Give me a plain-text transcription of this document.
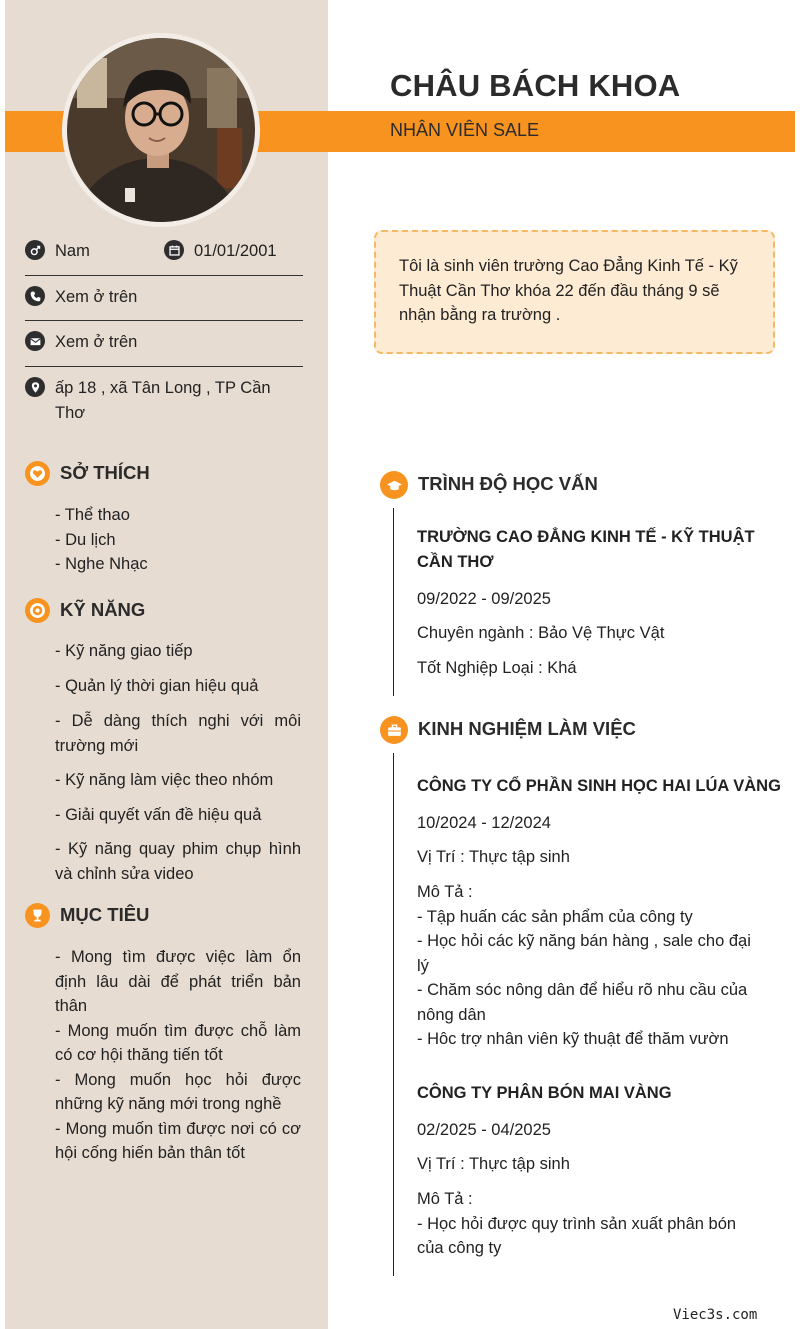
CHÂU BÁCH KHOA
NHÂN VIÊN SALE
Nam	01/01/2001
Xem ở trên
Xem ở trên
ấp 18 , xã Tân Long , TP Cần Thơ
SỞ THÍCH
- Thể thao
- Du lịch
- Nghe Nhạc
KỸ NĂNG
- Kỹ năng giao tiếp
- Quản lý thời gian hiệu quả
- Dễ dàng thích nghi với môi trường mới
- Kỹ năng làm việc theo nhóm
- Giải quyết vấn đề hiệu quả
- Kỹ năng quay phim chụp hình và chỉnh sửa video
MỤC TIÊU
- Mong tìm được việc làm ổn định lâu dài để phát triển bản thân
- Mong muốn tìm được chỗ làm có cơ hội thăng tiến tốt
- Mong muốn học hỏi được những kỹ năng mới trong nghề
- Mong muốn tìm được nơi có cơ hội cống hiến bản thân tốt
Tôi là sinh viên trường Cao Đẳng Kinh Tế - Kỹ Thuật Cần Thơ khóa 22 đến đầu tháng 9 sẽ nhận bằng ra trường .
TRÌNH ĐỘ HỌC VẤN
TRƯỜNG CAO ĐẲNG KINH TẾ - KỸ THUẬT CẦN THƠ
09/2022 - 09/2025
Chuyên ngành : Bảo Vệ Thực Vật
Tốt Nghiệp Loại : Khá
KINH NGHIỆM LÀM VIỆC
CÔNG TY CỔ PHẦN SINH HỌC HAI LÚA VÀNG
10/2024 - 12/2024
Vị Trí : Thực tập sinh
Mô Tả :
- Tập huấn các sản phẩm của công ty
- Học hỏi các kỹ năng bán hàng , sale cho đại lý
- Chăm sóc nông dân để hiểu rõ nhu cầu của nông dân
- Hôc trợ nhân viên kỹ thuật để thăm vườn
CÔNG TY PHÂN BÓN MAI VÀNG
02/2025 - 04/2025
Vị Trí : Thực tập sinh
Mô Tả :
- Học hỏi được quy trình sản xuất phân bón của công ty
Viec3s.com
